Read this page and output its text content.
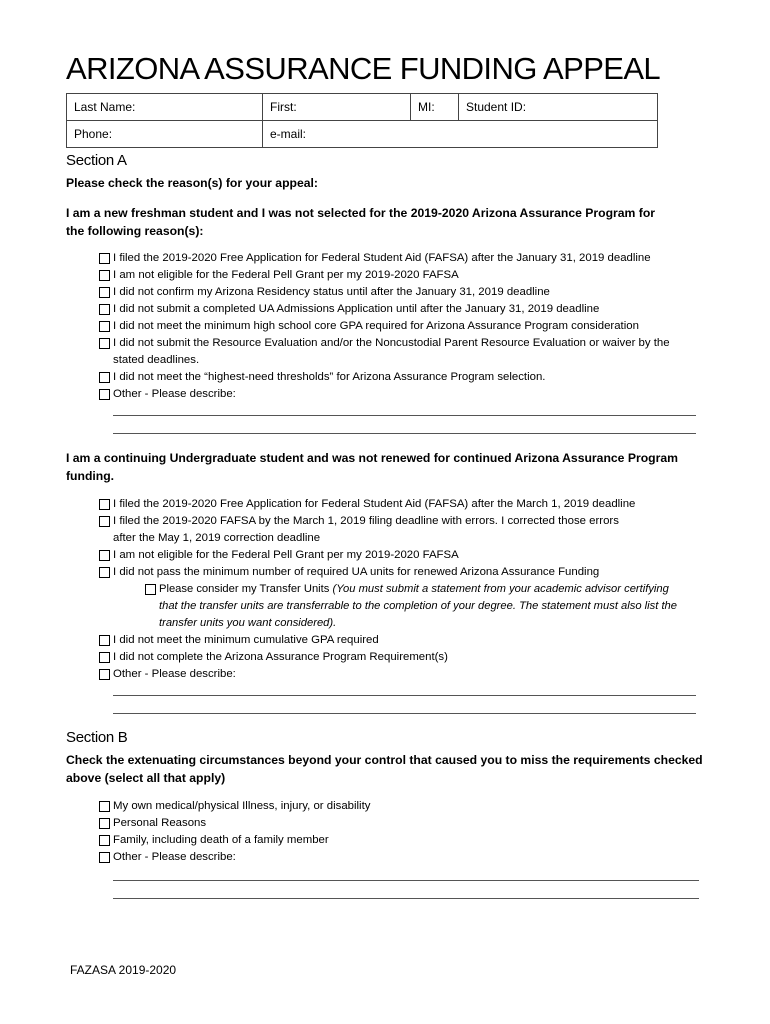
ARIZONA ASSURANCE FUNDING APPEAL
Last Name:	First:	MI:	Student ID:
Phone:	e-mail:		
Section A
Please check the reason(s) for your appeal:
I am a new freshman student and I was not selected for the 2019-2020 Arizona Assurance Program for
the following reason(s):
I filed the 2019-2020 Free Application for Federal Student Aid (FAFSA) after the January 31, 2019 deadline
I am not eligible for the Federal Pell Grant per my 2019-2020 FAFSA
I did not confirm my Arizona Residency status until after the January 31, 2019 deadline
I did not submit a completed UA Admissions Application until after the January 31, 2019 deadline
I did not meet the minimum high school core GPA required for Arizona Assurance Program consideration
I did not submit the Resource Evaluation and/or the Noncustodial Parent Resource Evaluation or waiver by the
stated deadlines.
I did not meet the “highest-need thresholds” for Arizona Assurance Program selection.
Other - Please describe:
I am a continuing Undergraduate student and was not renewed for continued Arizona Assurance Program
funding.
I filed the 2019-2020 Free Application for Federal Student Aid (FAFSA) after the March 1, 2019 deadline
I filed the 2019-2020 FAFSA by the March 1, 2019 filing deadline with errors. I corrected those errors
after the May 1, 2019 correction deadline
I am not eligible for the Federal Pell Grant per my 2019-2020 FAFSA
I did not pass the minimum number of required UA units for renewed Arizona Assurance Funding
Please consider my Transfer Units (You must submit a statement from your academic advisor certifying
that the transfer units are transferrable to the completion of your degree. The statement must also list the
transfer units you want considered).
I did not meet the minimum cumulative GPA required
I did not complete the Arizona Assurance Program Requirement(s)
Other - Please describe:
Section B
Check the extenuating circumstances beyond your control that caused you to miss the requirements checked
above (select all that apply)
My own medical/physical Illness, injury, or disability
Personal Reasons
Family, including death of a family member
Other - Please describe:
FAZASA 2019-2020
